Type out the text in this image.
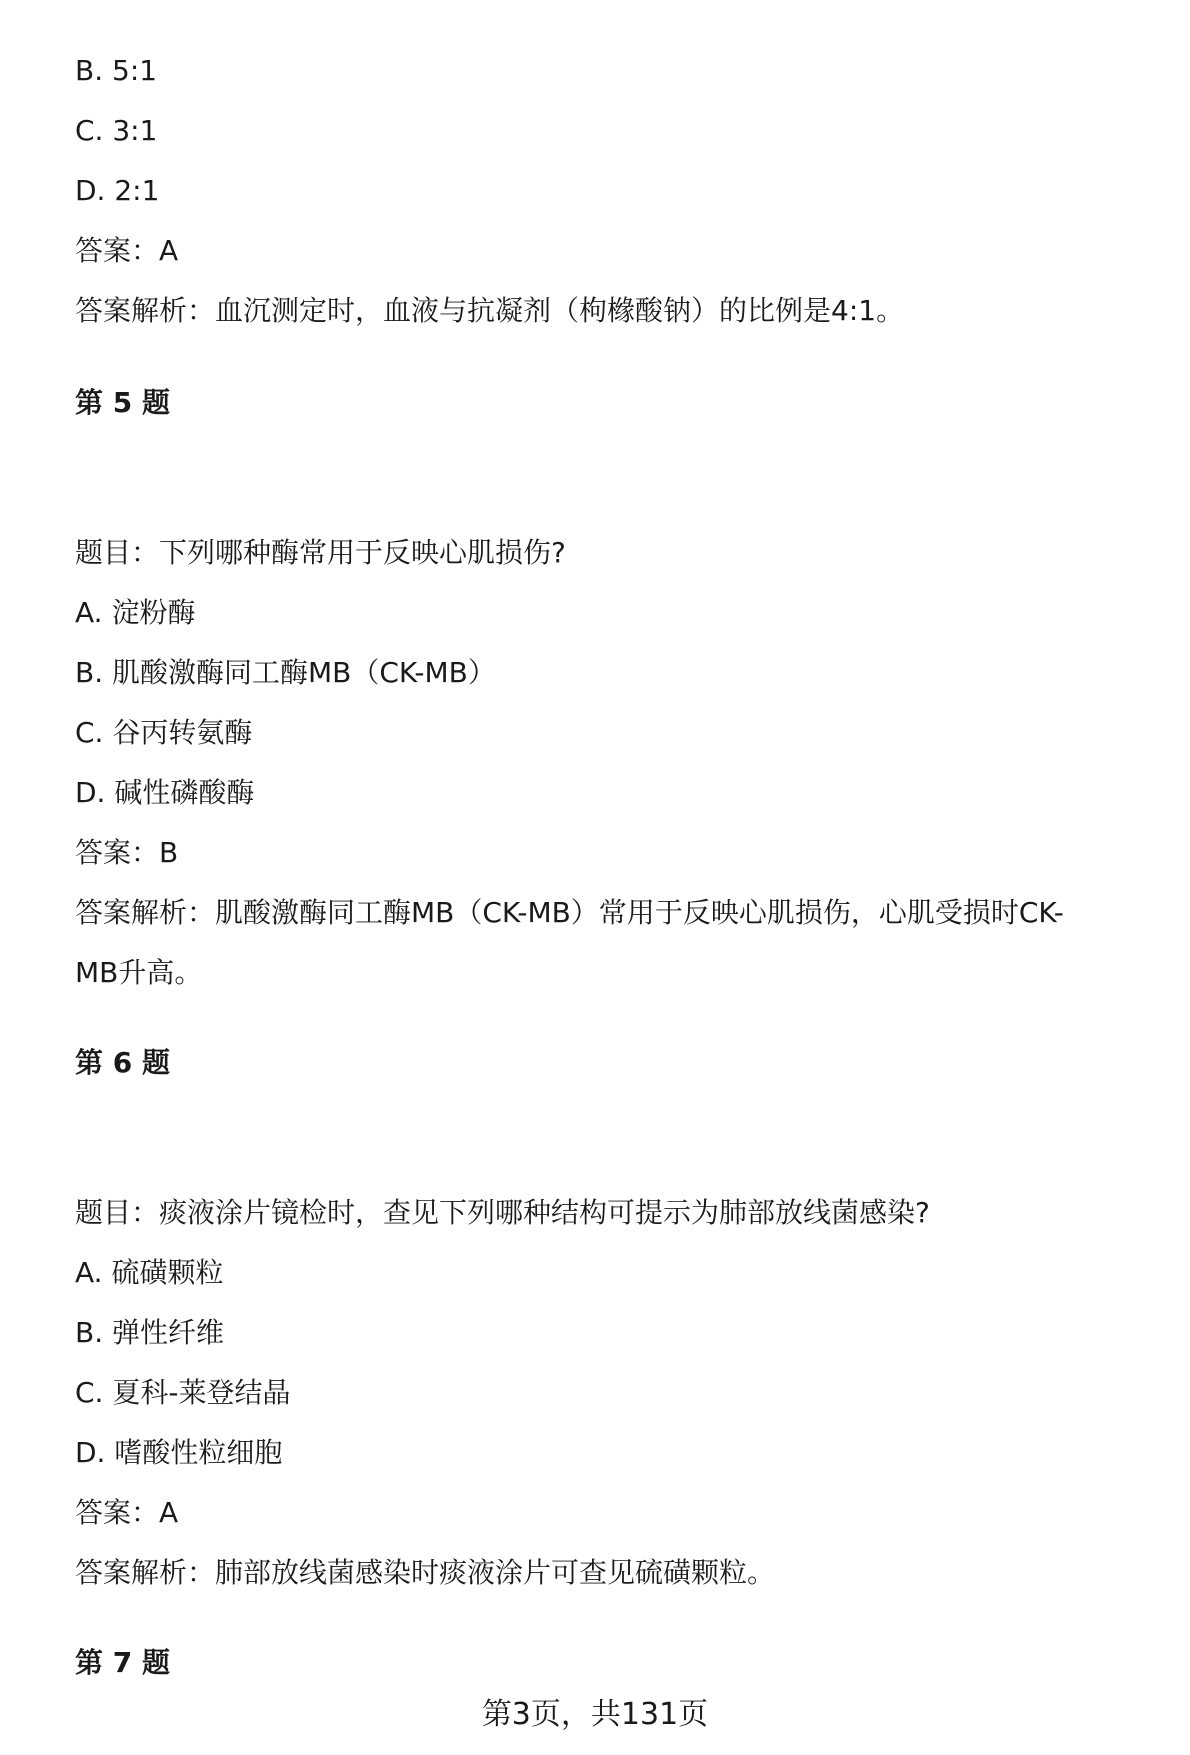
B. 5:1
C. 3:1
D. 2:1
答案：A
答案解析：血沉测定时，血液与抗凝剂（枸橼酸钠）的比例是4:1。
第 5 题
题目：下列哪种酶常用于反映心肌损伤?
A. 淀粉酶
B. 肌酸激酶同工酶MB（CK-MB）
C. 谷丙转氨酶
D. 碱性磷酸酶
答案：B
答案解析：肌酸激酶同工酶MB（CK-MB）常用于反映心肌损伤，心肌受损时CK-
MB升高。
第 6 题
题目：痰液涂片镜检时，查见下列哪种结构可提示为肺部放线菌感染?
A. 硫磺颗粒
B. 弹性纤维
C. 夏科-莱登结晶
D. 嗜酸性粒细胞
答案：A
答案解析：肺部放线菌感染时痰液涂片可查见硫磺颗粒。
第 7 题
第3页，共131页
